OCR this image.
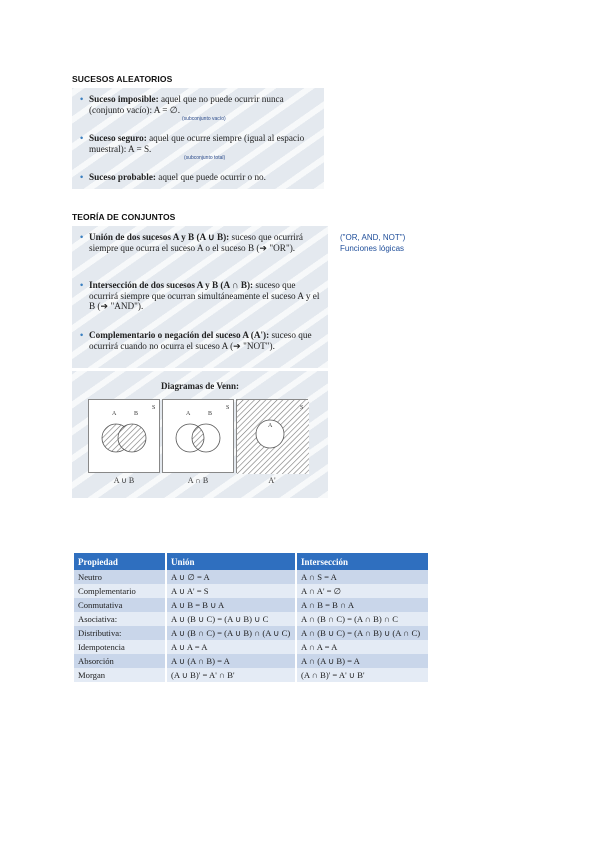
SUCESOS ALEATORIOS
• Suceso imposible: aquel que no puede ocurrir nunca (conjunto vacío): A = ∅.
(subconjunto vacío)
• Suceso seguro: aquel que ocurre siempre (igual al espacio muestral): A = S.
(subconjunto total)
• Suceso probable: aquel que puede ocurrir o no.
TEORÍA DE CONJUNTOS
• Unión de dos sucesos A y B (A ∪ B): suceso que ocurrirá siempre que ocurra el suceso A o el suceso B (➔ "OR").
• Intersección de dos sucesos A y B (A ∩ B): suceso que ocurrirá siempre que ocurran simultáneamente el suceso A y el B (➔ "AND").
• Complementario o negación del suceso A (A'): suceso que ocurrirá cuando no ocurra el suceso A (➔ "NOT").
("OR, AND, NOT")
Funciones lógicas
Diagramas de Venn:
A	B
S
A ∪ B
A	B
S
A ∩ B
A
S
A'
Propiedad	Unión	Intersección
Neutro	A ∪ ∅ = A	A ∩ S = A
Complementario	A ∪ A' = S	A ∩ A' = ∅
Conmutativa	A ∪ B = B ∪ A	A ∩ B = B ∩ A
Asociativa:	A ∪ (B ∪ C) = (A ∪ B) ∪ C	A ∩ (B ∩ C) = (A ∩ B) ∩ C
Distributiva:	A ∪ (B ∩ C) = (A ∪ B) ∩ (A ∪ C)	A ∩ (B ∪ C) = (A ∩ B) ∪ (A ∩ C)
Idempotencia	A ∪ A = A	A ∩ A = A
Absorción	A ∪ (A ∩ B) = A	A ∩ (A ∪ B) = A
Morgan	(A ∪ B)' = A' ∩ B'	(A ∩ B)' = A' ∪ B'
